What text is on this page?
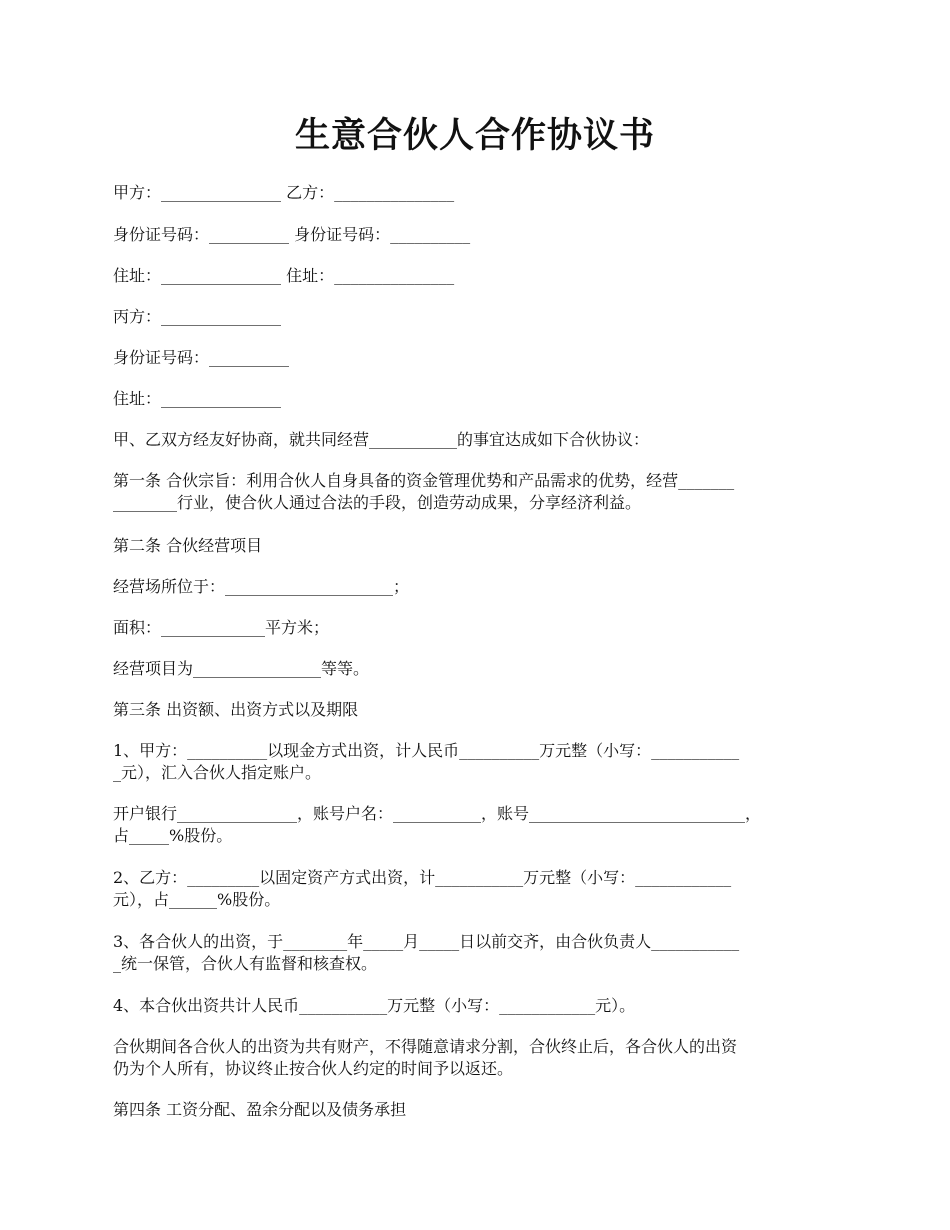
生意合伙人合作协议书
甲方：_______________ 乙方：_______________
身份证号码：__________ 身份证号码：__________
住址：_______________ 住址：_______________
丙方：_______________
身份证号码：__________
住址：_______________
甲、乙双方经友好协商，就共同经营___________的事宜达成如下合伙协议：
第一条 合伙宗旨：利用合伙人自身具备的资金管理优势和产品需求的优势，经营_______
________行业，使合伙人通过合法的手段，创造劳动成果，分享经济利益。
第二条 合伙经营项目
经营场所位于：_____________________；
面积：_____________平方米；
经营项目为________________等等。
第三条 出资额、出资方式以及期限
1、甲方：__________以现金方式出资，计人民币__________万元整（小写：___________
_元），汇入合伙人指定账户。
开户银行_______________，账号户名：___________，账号___________________________，
占_____%股份。
2、乙方：_________以固定资产方式出资，计___________万元整（小写：____________
元），占______%股份。
3、各合伙人的出资，于________年_____月_____日以前交齐，由合伙负责人___________
_统一保管，合伙人有监督和核查权。
4、本合伙出资共计人民币___________万元整（小写：____________元）。
合伙期间各合伙人的出资为共有财产，不得随意请求分割，合伙终止后，各合伙人的出资
仍为个人所有，协议终止按合伙人约定的时间予以返还。
第四条 工资分配、盈余分配以及债务承担
